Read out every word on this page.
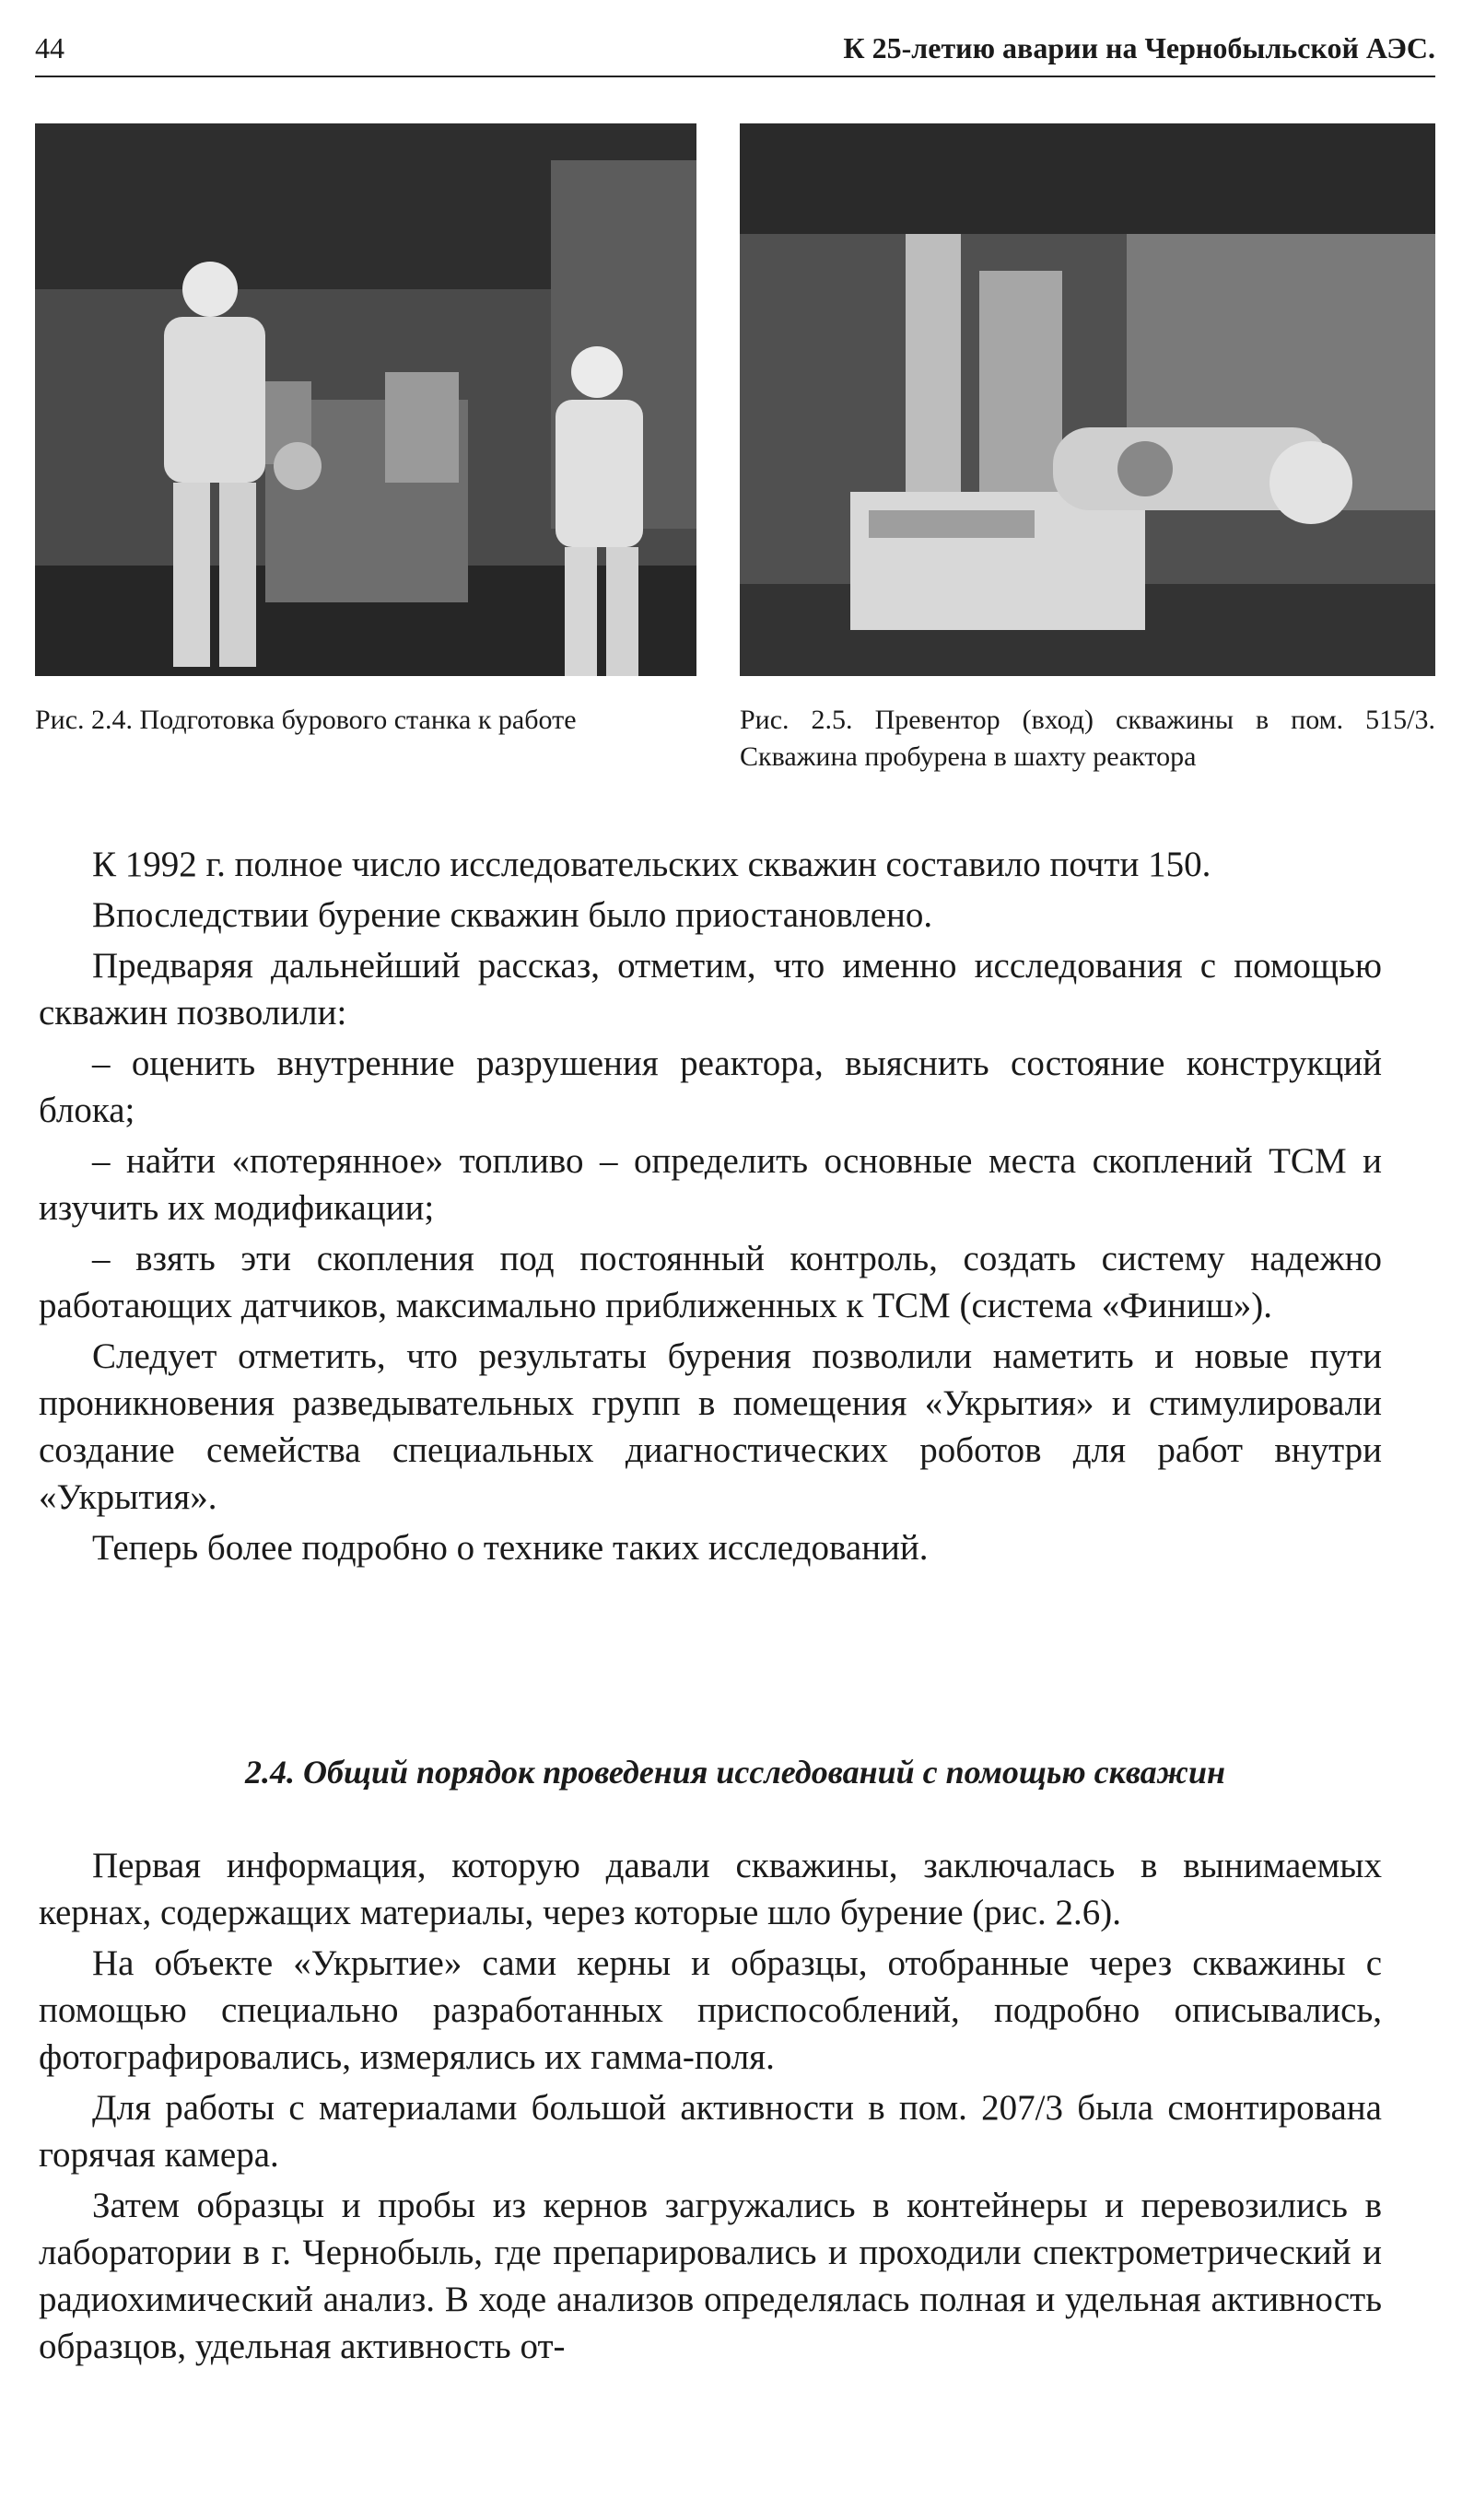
44	К 25-летию аварии на Чернобыльской АЭС.
Рис. 2.4. Подготовка бурового станка к работе	Рис. 2.5. Превентор (вход) скважины в пом. 515/3. Скважина пробурена в шахту реактора

К 1992 г. полное число исследовательских скважин составило почти 150.

Впоследствии бурение скважин было приостановлено.

Предваряя дальнейший рассказ, отметим, что именно исследования с помощью скважин позволили:

– оценить внутренние разрушения реактора, выяснить состояние конструкций блока;

– найти «потерянное» топливо – определить основные места скоплений ТСМ и изучить их модификации;

– взять эти скопления под постоянный контроль, создать систему надежно работающих датчиков, максимально приближенных к ТСМ (система «Финиш»).

Следует отметить, что результаты бурения позволили наметить и новые пути проникновения разведывательных групп в помещения «Укрытия» и стимулировали создание семейства специальных диагностических роботов для работ внутри «Укрытия».

Теперь более подробно о технике таких исследований.

2.4. Общий порядок проведения исследований с помощью скважин

Первая информация, которую давали скважины, заключалась в вынимаемых кернах, содержащих материалы, через которые шло бурение (рис. 2.6).

На объекте «Укрытие» сами керны и образцы, отобранные через скважины с помощью специально разработанных приспособлений, подробно описывались, фотографировались, измерялись их гамма-поля.

Для работы с материалами большой активности в пом. 207/3 была смонтирована горячая камера.

Затем образцы и пробы из кернов загружались в контейнеры и перевозились в лаборатории в г. Чернобыль, где препарировались и проходили спектрометрический и радиохимический анализ. В ходе анализов определялась полная и удельная активность образцов, удельная активность от-
